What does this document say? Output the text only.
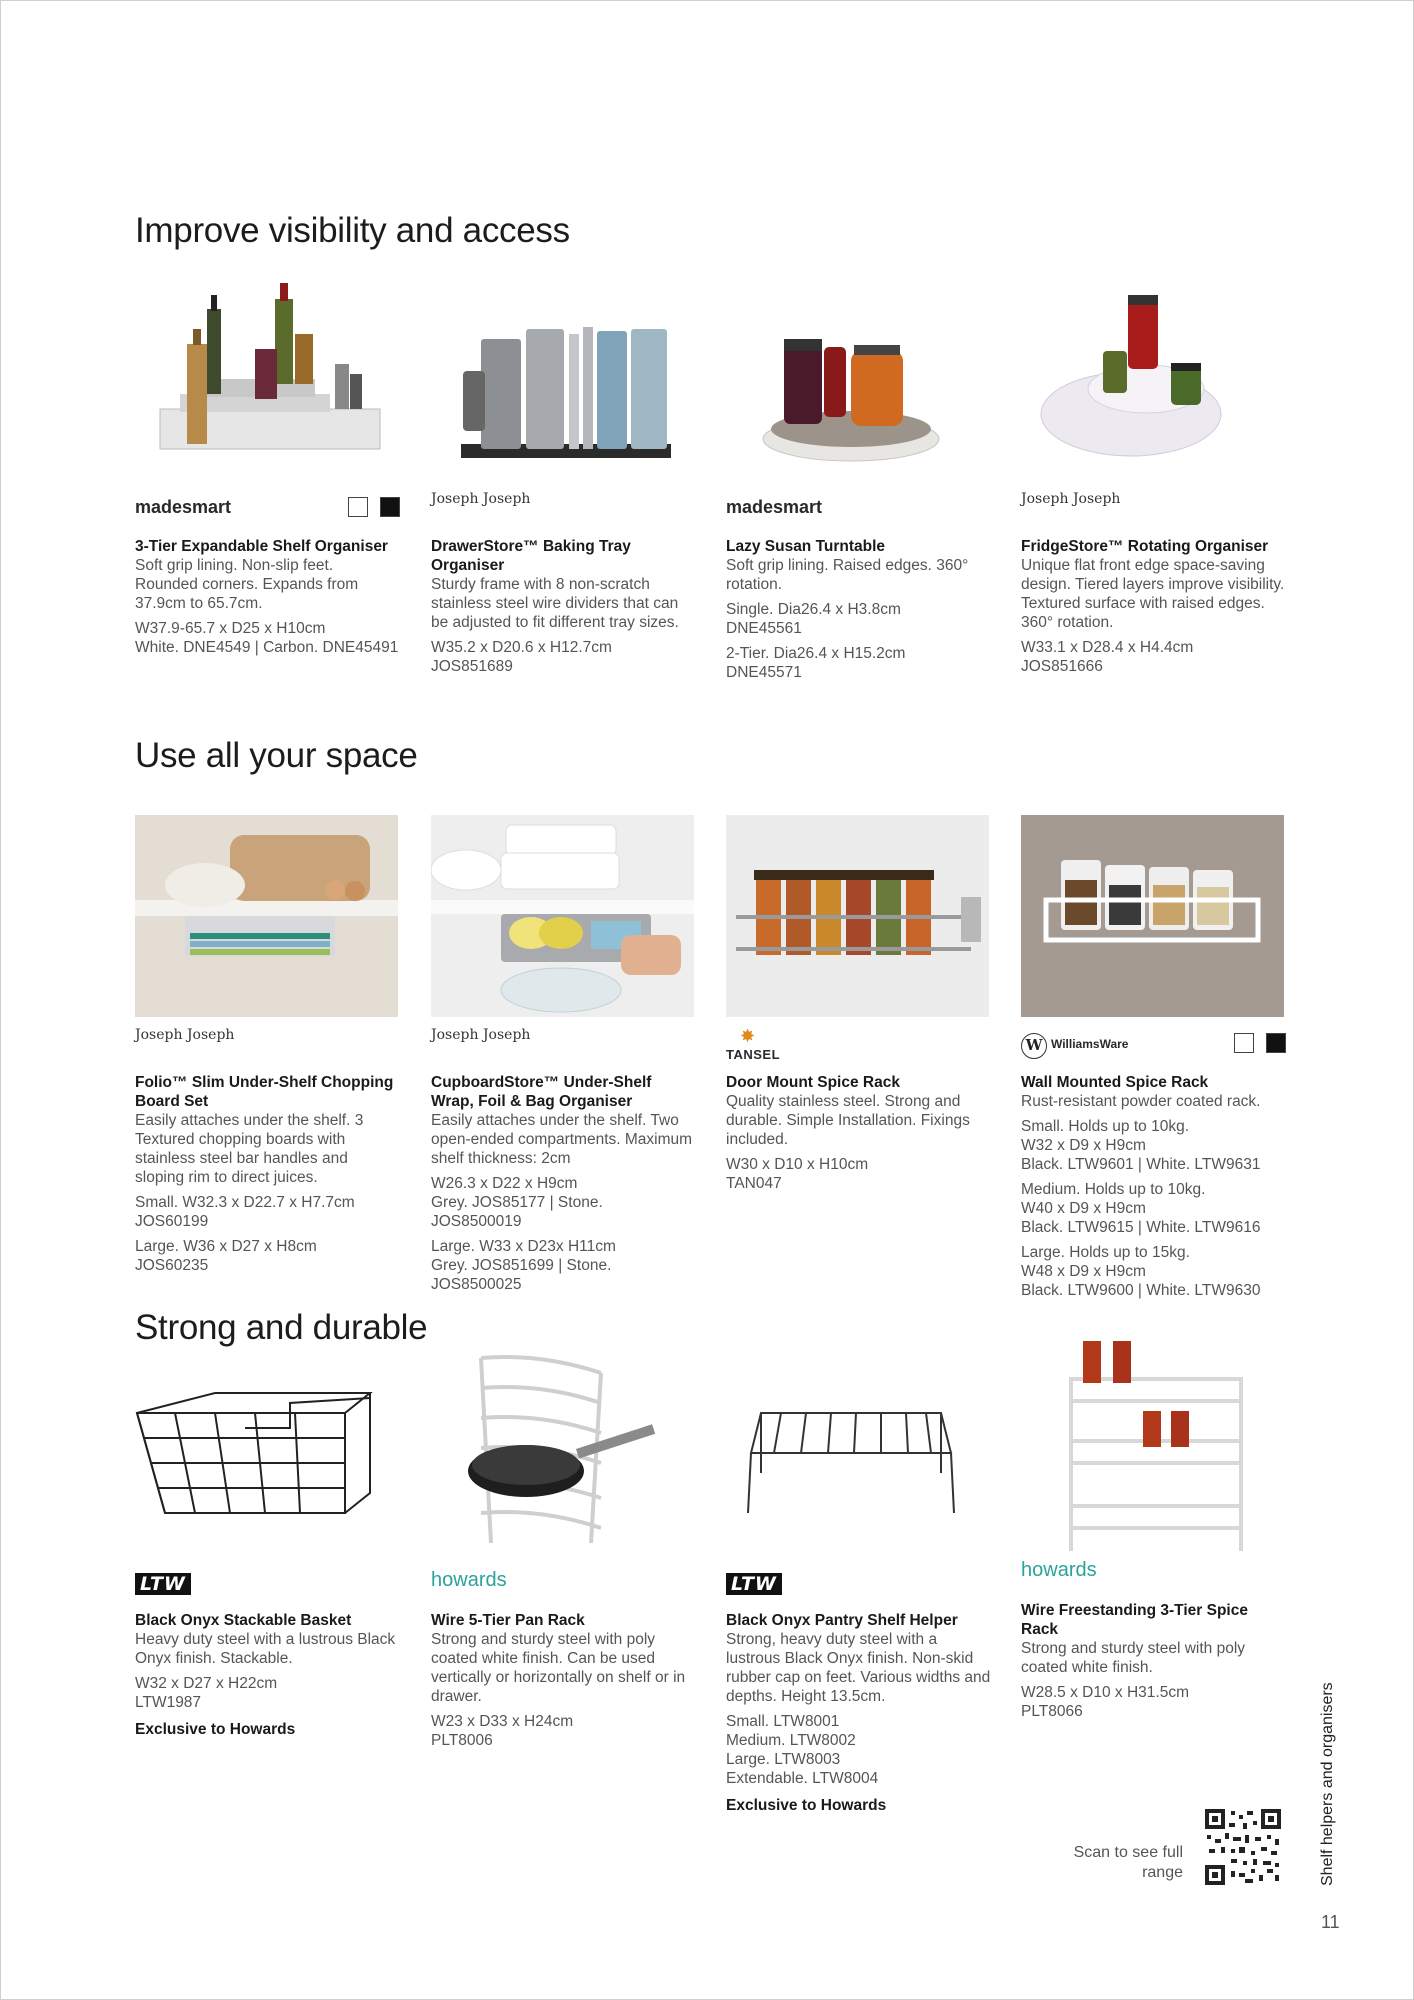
Improve visibility and access
Use all your space
Strong and durable
madesmart
3-Tier Expandable Shelf Organiser
Soft grip lining. Non-slip feet. Rounded corners. Expands from 37.9cm to 65.7cm.
W37.9-65.7 x D25 x H10cm
White. DNE4549 | Carbon. DNE45491
Joseph Joseph
DrawerStore™ Baking Tray Organiser
Sturdy frame with 8 non-scratch stainless steel wire dividers that can be adjusted to fit different tray sizes.
W35.2 x D20.6 x H12.7cm
JOS851689
madesmart
Lazy Susan Turntable
Soft grip lining. Raised edges. 360° rotation.
Single. Dia26.4 x H3.8cm
DNE45561
2-Tier. Dia26.4 x H15.2cm
DNE45571
Joseph Joseph
FridgeStore™ Rotating Organiser
Unique flat front edge space-saving design. Tiered layers improve visibility. Textured surface with raised edges. 360° rotation.
W33.1 x D28.4 x H4.4cm
JOS851666
Joseph Joseph
Folio™ Slim Under-Shelf Chopping Board Set
Easily attaches under the shelf. 3 Textured chopping boards with stainless steel bar handles and sloping rim to direct juices.
Small. W32.3 x D22.7 x H7.7cm
JOS60199
Large. W36 x D27 x H8cm
JOS60235
Joseph Joseph
CupboardStore™ Under-Shelf Wrap, Foil & Bag Organiser
Easily attaches under the shelf. Two open-ended compartments. Maximum shelf thickness: 2cm
W26.3 x D22 x H9cm
Grey. JOS85177 | Stone. JOS8500019
Large. W33 x D23x H11cm
Grey. JOS851699 | Stone. JOS8500025
✸
TANSEL
Door Mount Spice Rack
Quality stainless steel. Strong and durable. Simple Installation. Fixings included.
W30 x D10 x H10cm
TAN047
W WilliamsWare
Wall Mounted Spice Rack
Rust-resistant powder coated rack.
Small. Holds up to 10kg.
W32 x D9 x H9cm
Black. LTW9601 | White. LTW9631
Medium. Holds up to 10kg.
W40 x D9 x H9cm
Black. LTW9615 | White. LTW9616
Large. Holds up to 15kg.
W48 x D9 x H9cm
Black. LTW9600 | White. LTW9630
LTW
Black Onyx Stackable Basket
Heavy duty steel with a lustrous Black Onyx finish. Stackable.
W32 x D27 x H22cm
LTW1987
Exclusive to Howards
howards
Wire 5-Tier Pan Rack
Strong and sturdy steel with poly coated white finish. Can be used vertically or horizontally on shelf or in drawer.
W23 x D33 x H24cm
PLT8006
LTW
Black Onyx Pantry Shelf Helper
Strong, heavy duty steel with a lustrous Black Onyx finish. Non-skid rubber cap on feet. Various widths and depths. Height 13.5cm.
Small. LTW8001
Medium. LTW8002
Large. LTW8003
Extendable. LTW8004
Exclusive to Howards
howards
Wire Freestanding 3-Tier Spice Rack
Strong and sturdy steel with poly coated white finish.
W28.5 x D10 x H31.5cm
PLT8066
Scan to see full range	Shelf helpers and organisers
11
